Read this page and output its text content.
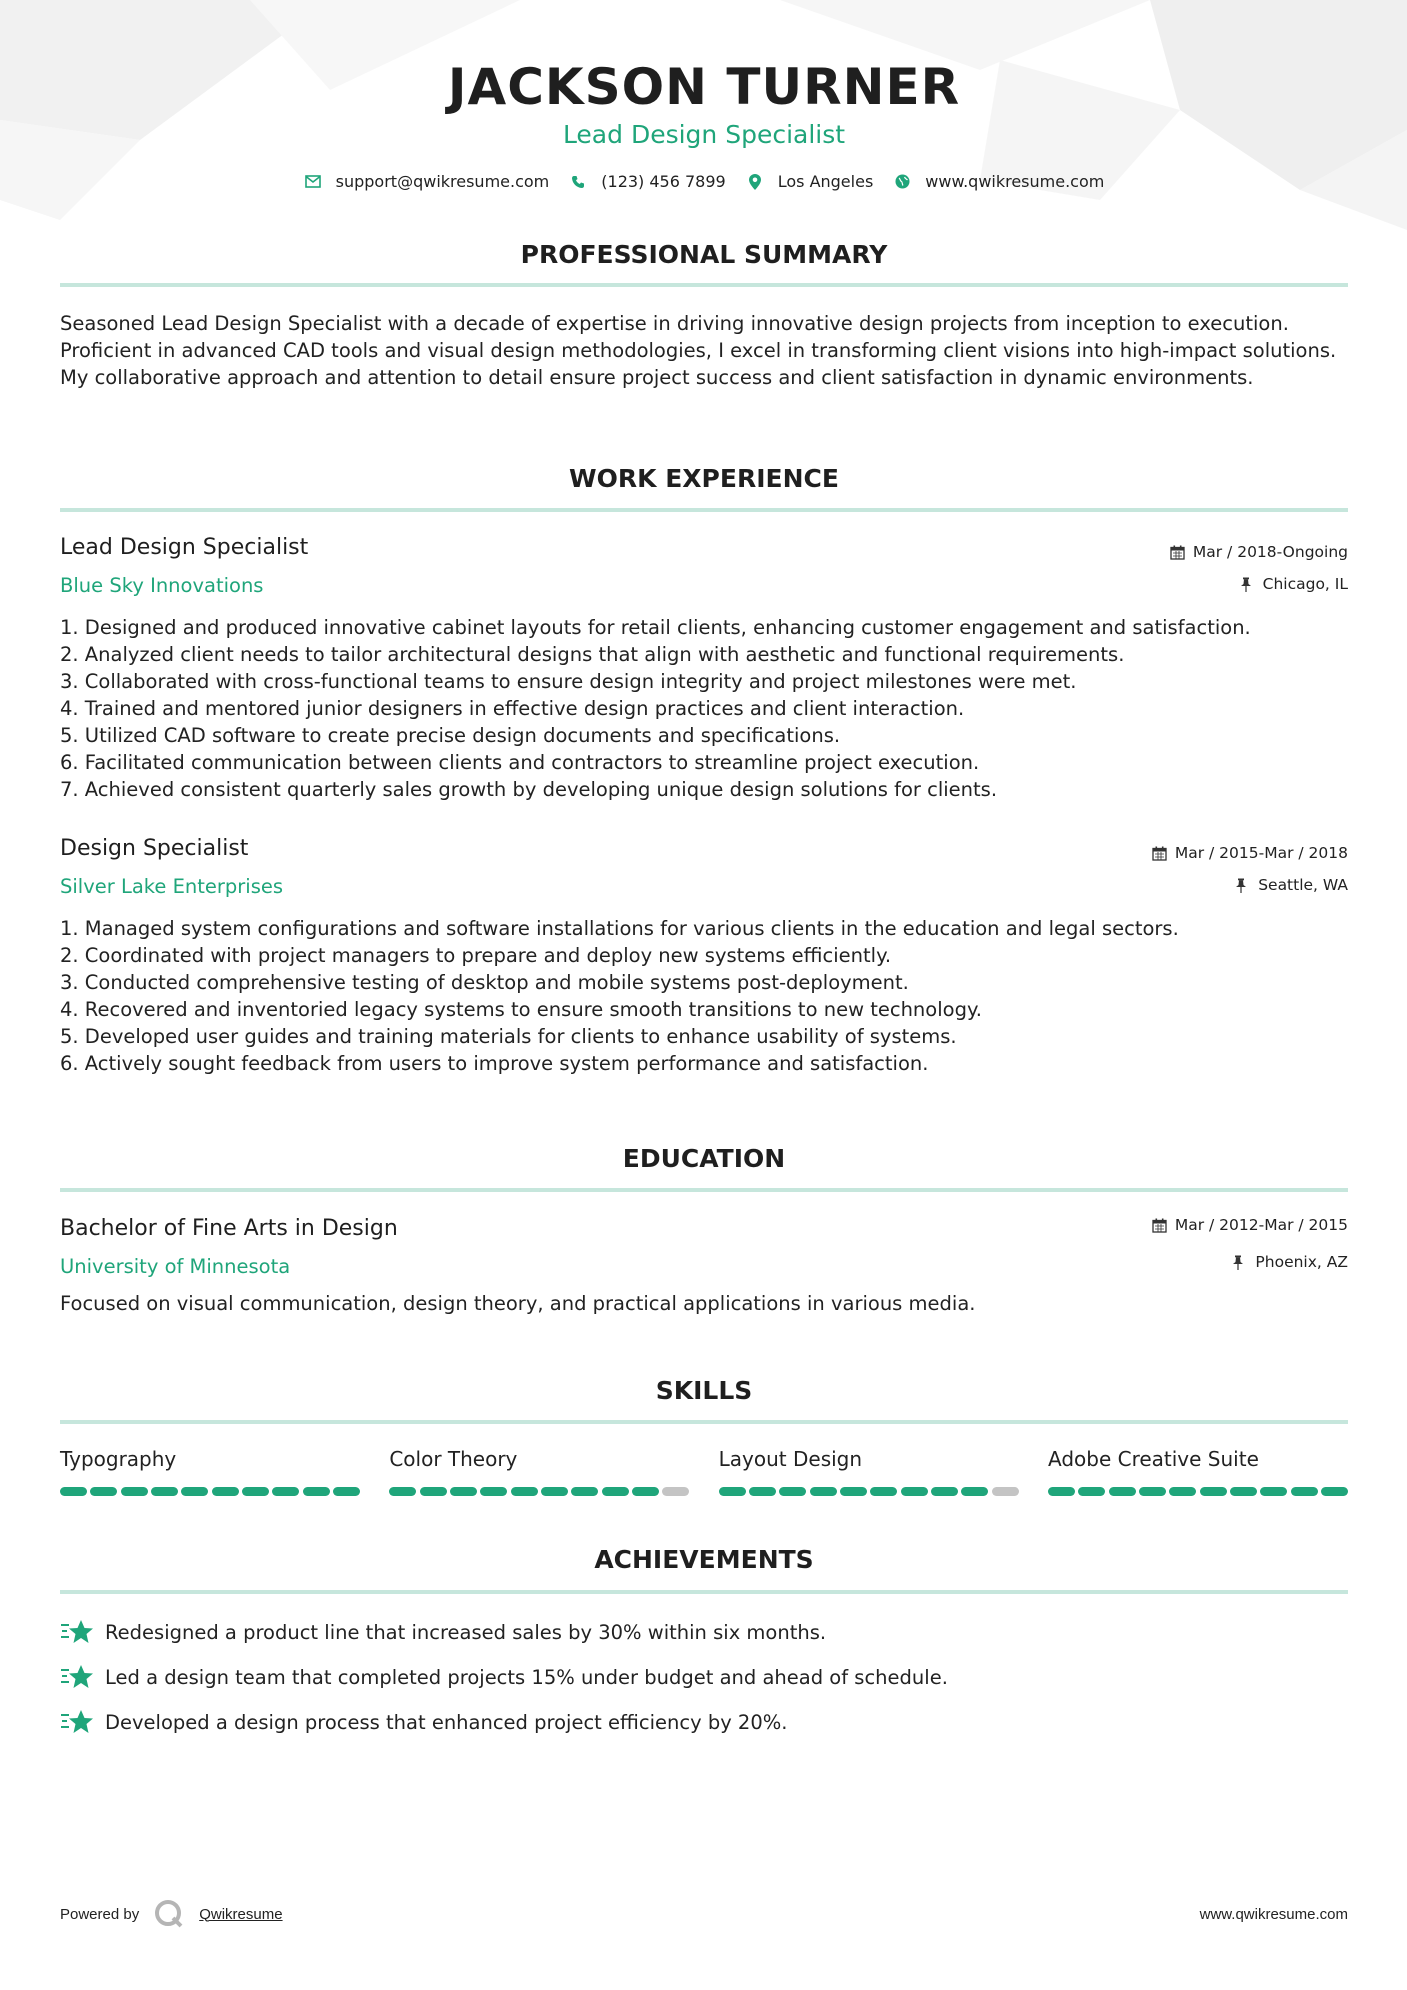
JACKSON TURNER
Lead Design Specialist
support@qwikresume.com	(123) 456 7899	Los Angeles	www.qwikresume.com
PROFESSIONAL SUMMARY
Seasoned Lead Design Specialist with a decade of expertise in driving innovative design projects from inception to execution. Proficient in advanced CAD tools and visual design methodologies, I excel in transforming client visions into high-impact solutions. My collaborative approach and attention to detail ensure project success and client satisfaction in dynamic environments.
WORK EXPERIENCE
Lead Design Specialist
Blue Sky Innovations
Mar / 2018-Ongoing
Chicago, IL
1. Designed and produced innovative cabinet layouts for retail clients, enhancing customer engagement and satisfaction.
2. Analyzed client needs to tailor architectural designs that align with aesthetic and functional requirements.
3. Collaborated with cross-functional teams to ensure design integrity and project milestones were met.
4. Trained and mentored junior designers in effective design practices and client interaction.
5. Utilized CAD software to create precise design documents and specifications.
6. Facilitated communication between clients and contractors to streamline project execution.
7. Achieved consistent quarterly sales growth by developing unique design solutions for clients.
Design Specialist
Silver Lake Enterprises
Mar / 2015-Mar / 2018
Seattle, WA
1. Managed system configurations and software installations for various clients in the education and legal sectors.
2. Coordinated with project managers to prepare and deploy new systems efficiently.
3. Conducted comprehensive testing of desktop and mobile systems post-deployment.
4. Recovered and inventoried legacy systems to ensure smooth transitions to new technology.
5. Developed user guides and training materials for clients to enhance usability of systems.
6. Actively sought feedback from users to improve system performance and satisfaction.
EDUCATION
Bachelor of Fine Arts in Design
University of Minnesota
Mar / 2012-Mar / 2015
Phoenix, AZ
Focused on visual communication, design theory, and practical applications in various media.
SKILLS
Typography	Color Theory	Layout Design	Adobe Creative Suite
ACHIEVEMENTS
Redesigned a product line that increased sales by 30% within six months.
Led a design team that completed projects 15% under budget and ahead of schedule.
Developed a design process that enhanced project efficiency by 20%.
Powered by	Qwikresume	www.qwikresume.com
